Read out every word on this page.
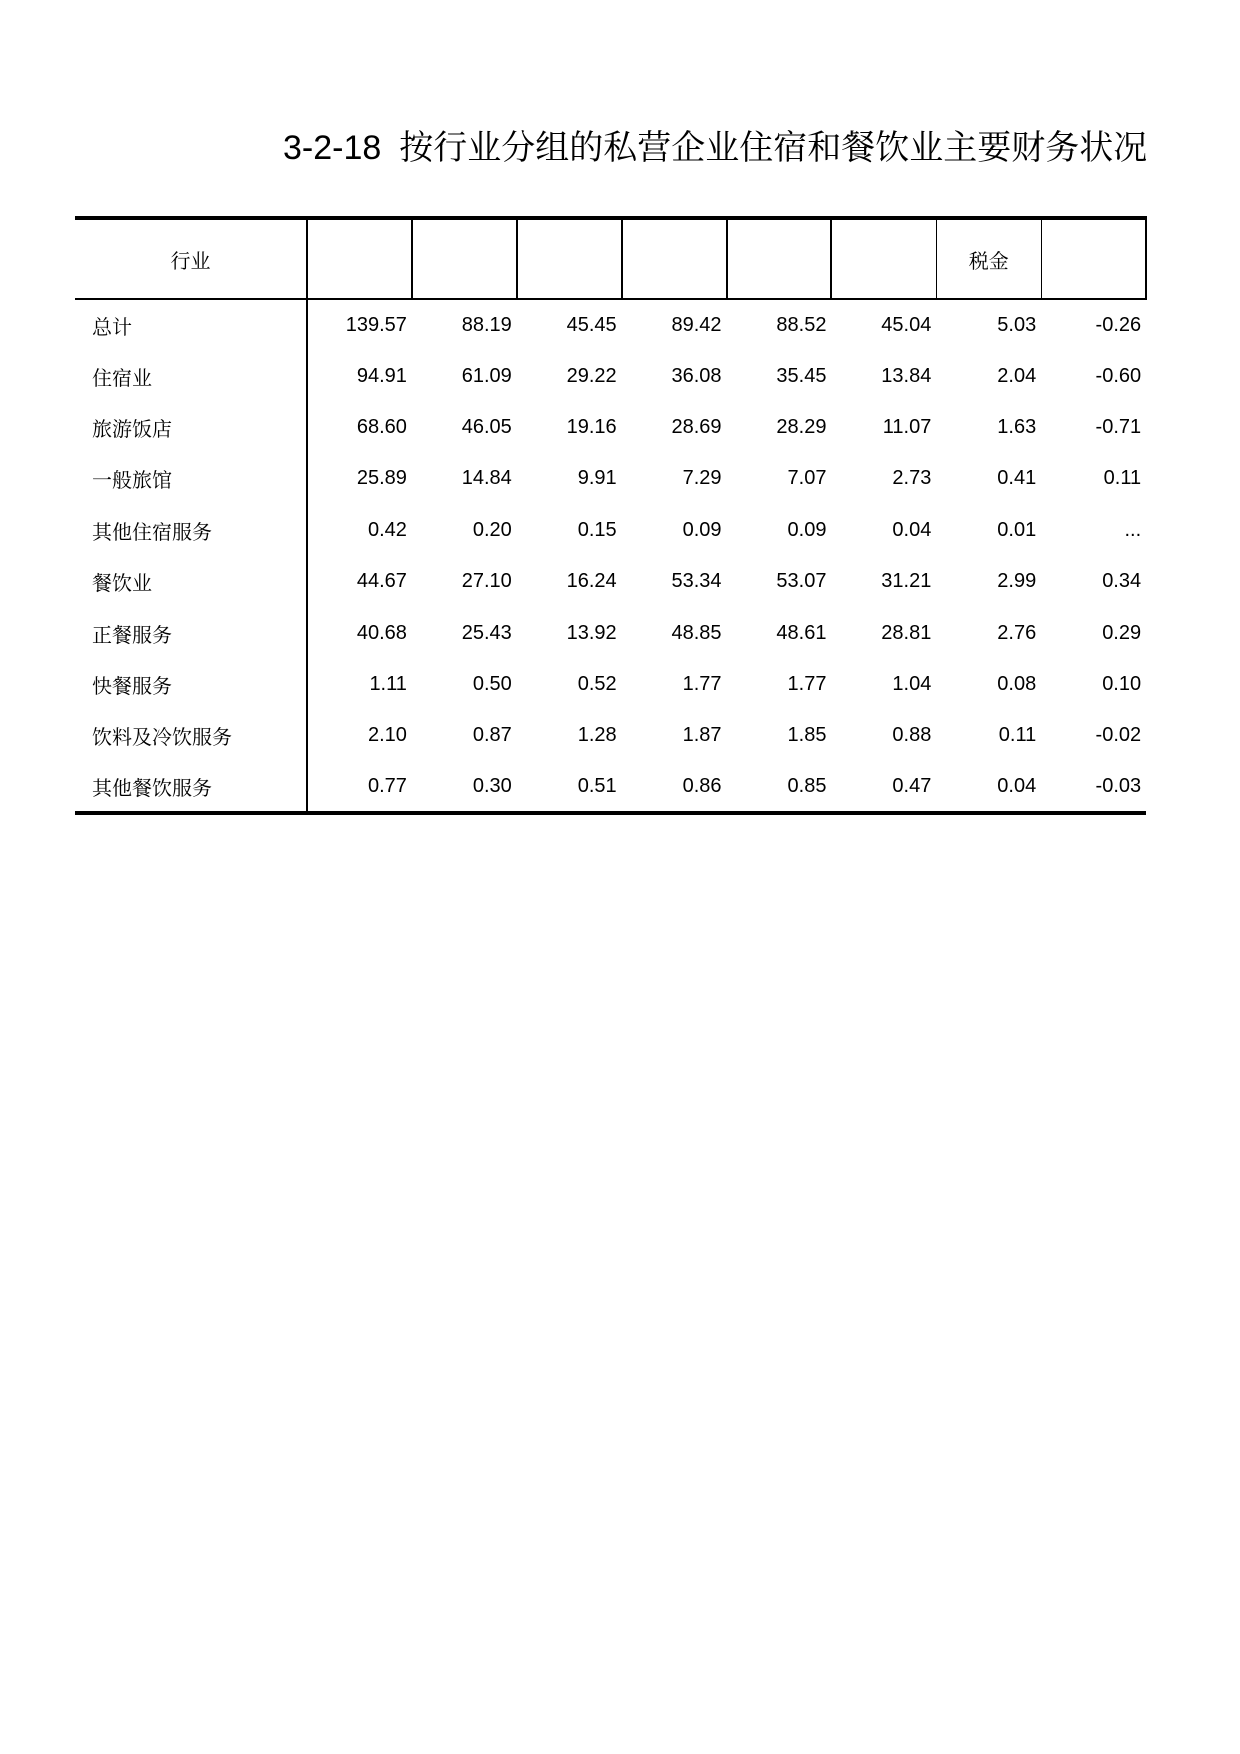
3-2-18 按行业分组的私营企业住宿和餐饮业主要财务状况
行业							税金	
总计	139.57	88.19	45.45	89.42	88.52	45.04	5.03	-0.26
住宿业	94.91	61.09	29.22	36.08	35.45	13.84	2.04	-0.60
旅游饭店	68.60	46.05	19.16	28.69	28.29	11.07	1.63	-0.71
一般旅馆	25.89	14.84	9.91	7.29	7.07	2.73	0.41	0.11
其他住宿服务	0.42	0.20	0.15	0.09	0.09	0.04	0.01	...
餐饮业	44.67	27.10	16.24	53.34	53.07	31.21	2.99	0.34
正餐服务	40.68	25.43	13.92	48.85	48.61	28.81	2.76	0.29
快餐服务	1.11	0.50	0.52	1.77	1.77	1.04	0.08	0.10
饮料及冷饮服务	2.10	0.87	1.28	1.87	1.85	0.88	0.11	-0.02
其他餐饮服务	0.77	0.30	0.51	0.86	0.85	0.47	0.04	-0.03
